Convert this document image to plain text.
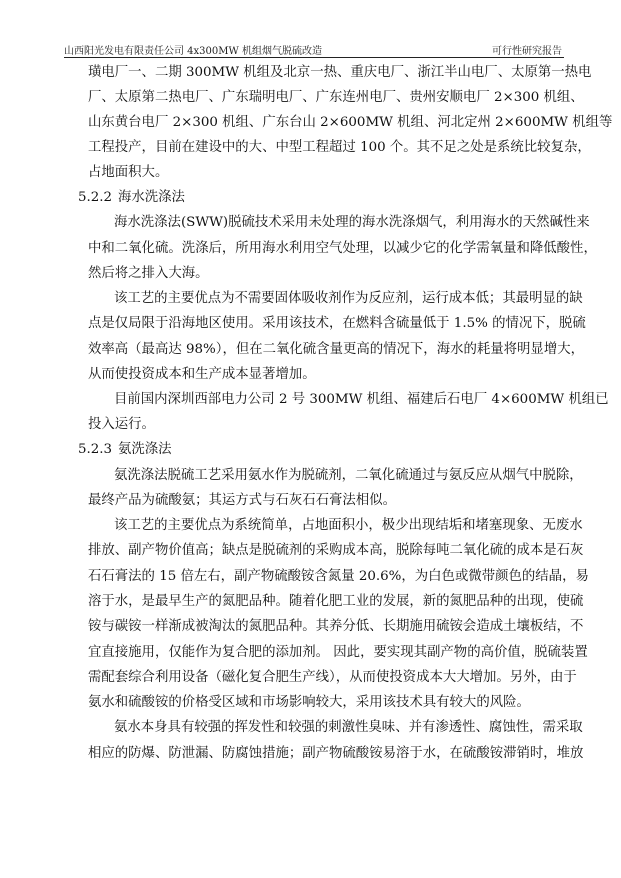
山西阳光发电有限责任公司 4x300MW 机组烟气脱硫改造	可行性研究报告
璜电厂一、二期 300MW 机组及北京一热、重庆电厂、浙江半山电厂、太原第一热电
厂、太原第二热电厂、广东瑞明电厂、广东连州电厂、贵州安顺电厂 2×300 机组、
山东黄台电厂 2×300 机组、广东台山 2×600MW 机组、河北定州 2×600MW 机组等
工程投产，目前在建设中的大、中型工程超过 100 个。其不足之处是系统比较复杂，
占地面积大。
5.2.2 海水洗涤法
海水洗涤法(SWW)脱硫技术采用未处理的海水洗涤烟气，利用海水的天然碱性来
中和二氧化硫。洗涤后，所用海水利用空气处理，以减少它的化学需氧量和降低酸性，
然后将之排入大海。
该工艺的主要优点为不需要固体吸收剂作为反应剂，运行成本低；其最明显的缺
点是仅局限于沿海地区使用。采用该技术，在燃料含硫量低于 1.5% 的情况下，脱硫
效率高（最高达 98%），但在二氧化硫含量更高的情况下，海水的耗量将明显增大，
从而使投资成本和生产成本显著增加。
目前国内深圳西部电力公司 2 号 300MW 机组、福建后石电厂 4×600MW 机组已
投入运行。
5.2.3 氨洗涤法
氨洗涤法脱硫工艺采用氨水作为脱硫剂，二氧化硫通过与氨反应从烟气中脱除，
最终产品为硫酸氨；其运方式与石灰石石膏法相似。
该工艺的主要优点为系统简单，占地面积小，极少出现结垢和堵塞现象、无废水
排放、副产物价值高；缺点是脱硫剂的采购成本高，脱除每吨二氧化硫的成本是石灰
石石膏法的 15 倍左右，副产物硫酸铵含氮量 20.6%，为白色或微带颜色的结晶，易
溶于水，是最早生产的氮肥品种。随着化肥工业的发展，新的氮肥品种的出现，使硫
铵与碳铵一样渐成被淘汰的氮肥品种。其养分低、长期施用硫铵会造成土壤板结，不
宜直接施用，仅能作为复合肥的添加剂。 因此，要实现其副产物的高价值，脱硫装置
需配套综合利用设备（磁化复合肥生产线），从而使投资成本大大增加。另外，由于
氨水和硫酸铵的价格受区域和市场影响较大，采用该技术具有较大的风险。
氨水本身具有较强的挥发性和较强的刺激性臭味、并有渗透性、腐蚀性，需采取
相应的防爆、防泄漏、防腐蚀措施；副产物硫酸铵易溶于水，在硫酸铵滞销时，堆放
